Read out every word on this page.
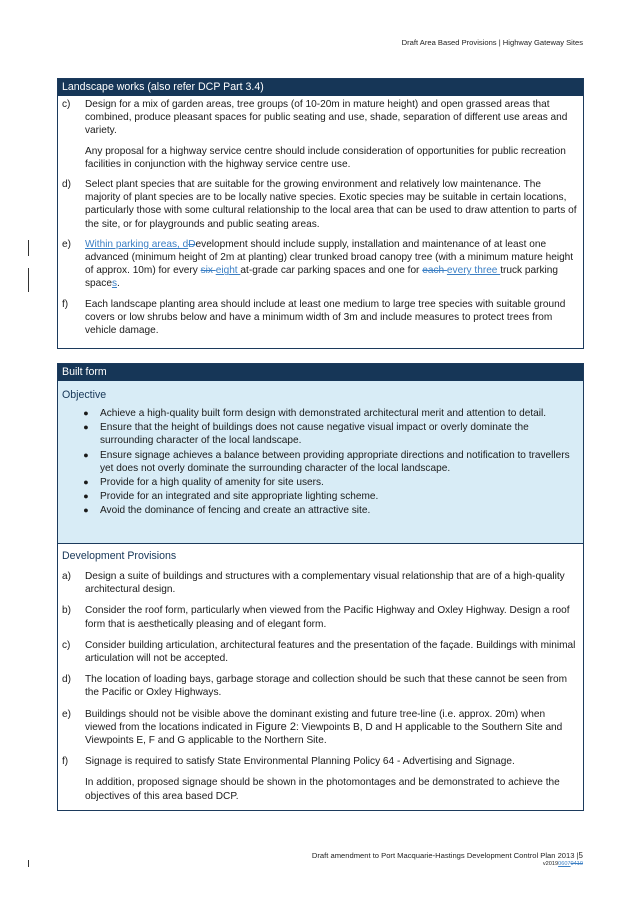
Draft Area Based Provisions | Highway Gateway Sites
Landscape works (also refer DCP Part 3.4)
c)	Design for a mix of garden areas, tree groups (of 10-20m in mature height) and open grassed areas that combined, produce pleasant spaces for public seating and use, shade, separation of different use areas and variety.
Any proposal for a highway service centre should include consideration of opportunities for public recreation facilities in conjunction with the highway service centre use.
d)	Select plant species that are suitable for the growing environment and relatively low maintenance. The majority of plant species are to be locally native species. Exotic species may be suitable in certain locations, particularly those with some cultural relationship to the local area that can be used to draw attention to parts of the site, or for playgrounds and public seating areas.
e)	Within parking areas, dDevelopment should include supply, installation and maintenance of at least one advanced (minimum height of 2m at planting) clear trunked broad canopy tree (with a minimum mature height of approx. 10m) for every six eight at-grade car parking spaces and one for each every three truck parking spaces.
f)	Each landscape planting area should include at least one medium to large tree species with suitable ground covers or low shrubs below and have a minimum width of 3m and include measures to protect trees from vehicle damage.
Built form
Objective
●	Achieve a high-quality built form design with demonstrated architectural merit and attention to detail.
●	Ensure that the height of buildings does not cause negative visual impact or overly dominate the surrounding character of the local landscape.
●	Ensure signage achieves a balance between providing appropriate directions and notification to travellers yet does not overly dominate the surrounding character of the local landscape.
●	Provide for a high quality of amenity for site users.
●	Provide for an integrated and site appropriate lighting scheme.
●	Avoid the dominance of fencing and create an attractive site.
Development Provisions
a)	Design a suite of buildings and structures with a complementary visual relationship that are of a high-quality architectural design.
b)	Consider the roof form, particularly when viewed from the Pacific Highway and Oxley Highway. Design a roof form that is aesthetically pleasing and of elegant form.
c)	Consider building articulation, architectural features and the presentation of the façade. Buildings with minimal articulation will not be accepted.
d)	The location of loading bays, garbage storage and collection should be such that these cannot be seen from the Pacific or Oxley Highways.
e)	Buildings should not be visible above the dominant existing and future tree-line (i.e. approx. 20m) when viewed from the locations indicated in Figure 2: Viewpoints B, D and H applicable to the Southern Site and Viewpoints E, F and G applicable to the Northern Site.
f)	Signage is required to satisfy State Environmental Planning Policy 64 - Advertising and Signage.
In addition, proposed signage should be shown in the photomontages and be demonstrated to achieve the objectives of this area based DCP.
Draft amendment to Port Macquarie-Hastings Development Control Plan 2013 |5
v201906070410
